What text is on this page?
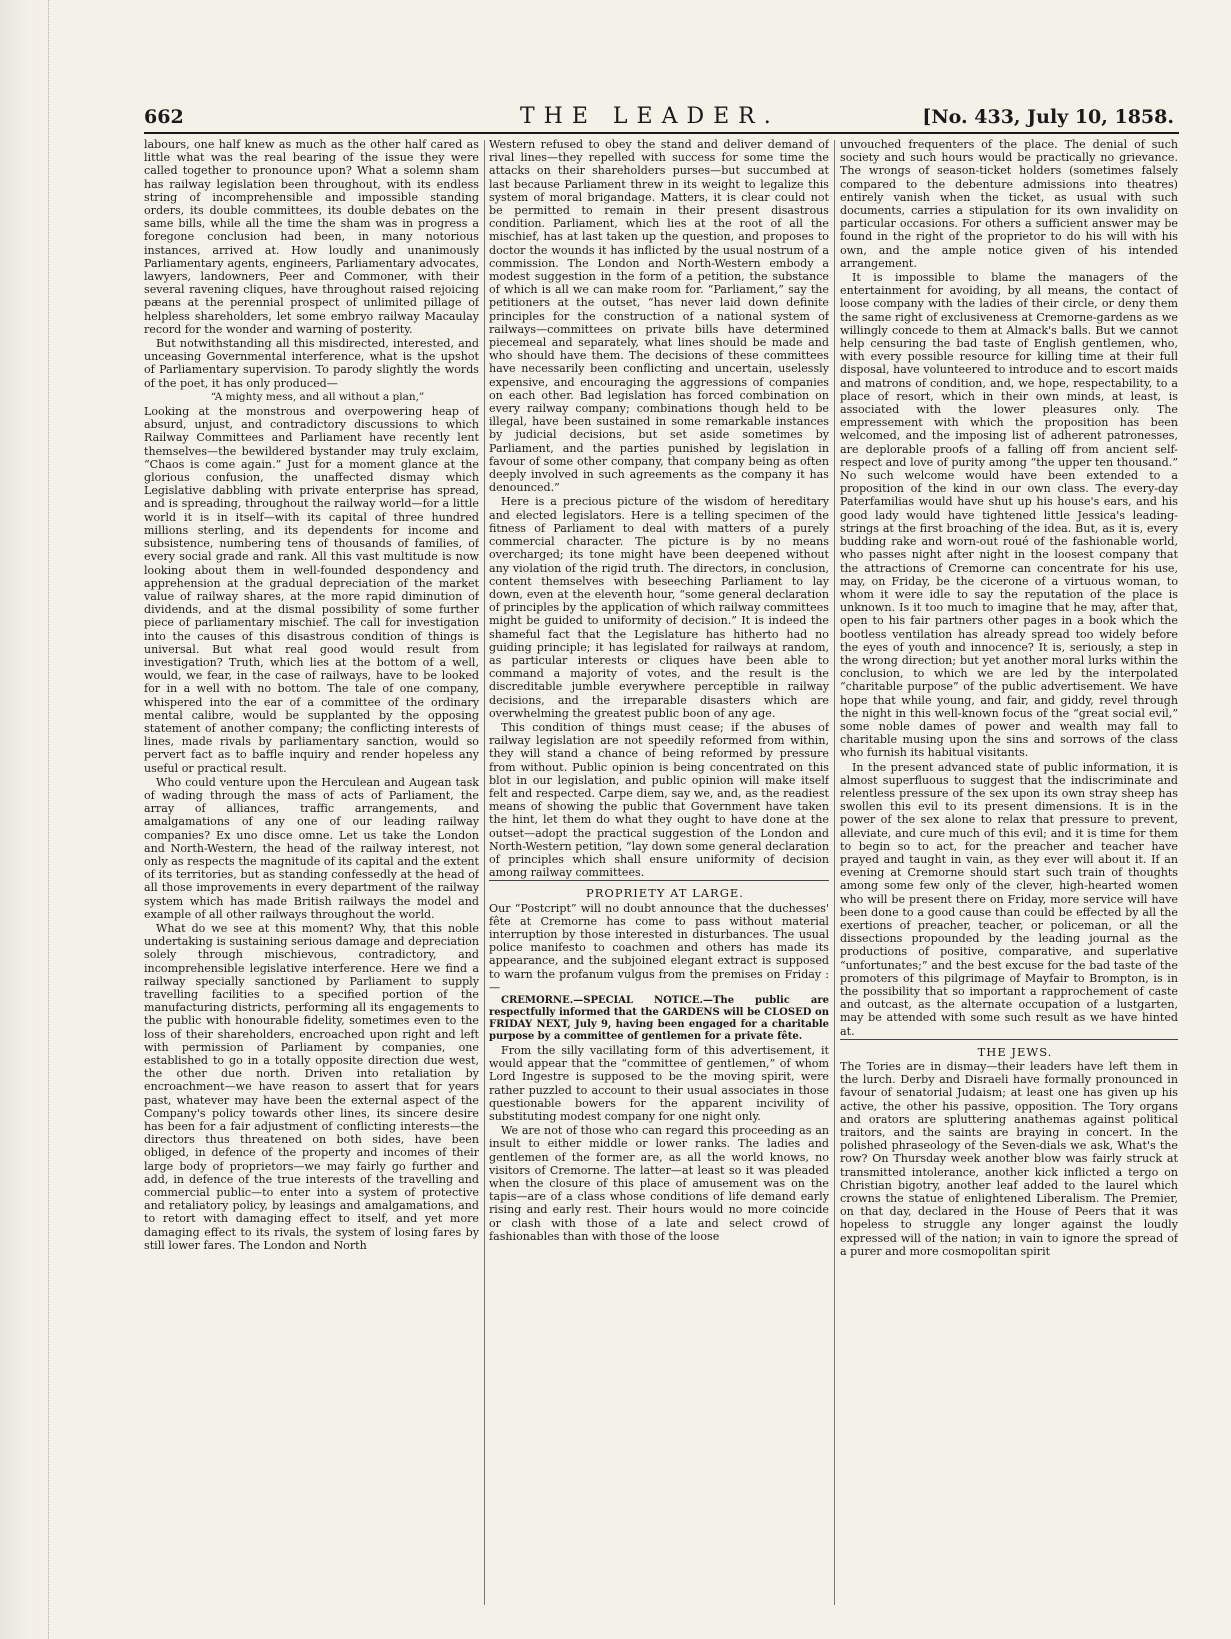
662	THE LEADER.	[No. 433, July 10, 1858.

labours, one half knew as much as the other half cared as little what was the real bearing of the issue they were called together to pronounce upon? What a solemn sham has railway legislation been throughout, with its endless string of incomprehensible and impossible standing orders, its double committees, its double debates on the same bills, while all the time the sham was in progress a foregone conclusion had been, in many notorious instances, arrived at. How loudly and unanimously Parliamentary agents, engineers, Parliamentary advocates, lawyers, landowners, Peer and Commoner, with their several ravening cliques, have throughout raised rejoicing pæans at the perennial prospect of unlimited pillage of helpless shareholders, let some embryo railway Macaulay record for the wonder and warning of posterity.

But notwithstanding all this misdirected, interested, and unceasing Governmental interference, what is the upshot of Parliamentary supervision. To parody slightly the words of the poet, it has only produced—

“A mighty mess, and all without a plan,”

Looking at the monstrous and overpowering heap of absurd, unjust, and contradictory discussions to which Railway Committees and Parliament have recently lent themselves—the bewildered bystander may truly exclaim, “Chaos is come again.” Just for a moment glance at the glorious confusion, the unaffected dismay which Legislative dabbling with private enterprise has spread, and is spreading, throughout the railway world—for a little world it is in itself—with its capital of three hundred millions sterling, and its dependents for income and subsistence, numbering tens of thousands of families, of every social grade and rank. All this vast multitude is now looking about them in well-founded despondency and apprehension at the gradual depreciation of the market value of railway shares, at the more rapid diminution of dividends, and at the dismal possibility of some further piece of parliamentary mischief. The call for investigation into the causes of this disastrous condition of things is universal. But what real good would result from investigation? Truth, which lies at the bottom of a well, would, we fear, in the case of railways, have to be looked for in a well with no bottom. The tale of one company, whispered into the ear of a committee of the ordinary mental calibre, would be supplanted by the opposing statement of another company; the conflicting interests of lines, made rivals by parliamentary sanction, would so pervert fact as to baffle inquiry and render hopeless any useful or practical result.

Who could venture upon the Herculean and Augean task of wading through the mass of acts of Parliament, the array of alliances, traffic arrangements, and amalgamations of any one of our leading railway companies? Ex uno disce omne. Let us take the London and North-Western, the head of the railway interest, not only as respects the magnitude of its capital and the extent of its territories, but as standing confessedly at the head of all those improvements in every department of the railway system which has made British railways the model and example of all other railways throughout the world.

What do we see at this moment? Why, that this noble undertaking is sustaining serious damage and depreciation solely through mischievous, contradictory, and incomprehensible legislative interference. Here we find a railway specially sanctioned by Parliament to supply travelling facilities to a specified portion of the manufacturing districts, performing all its engagements to the public with honourable fidelity, sometimes even to the loss of their shareholders, encroached upon right and left with permission of Parliament by companies, one established to go in a totally opposite direction due west, the other due north. Driven into retaliation by encroachment—we have reason to assert that for years past, whatever may have been the external aspect of the Company's policy towards other lines, its sincere desire has been for a fair adjustment of conflicting interests—the directors thus threatened on both sides, have been obliged, in defence of the property and incomes of their large body of proprietors—we may fairly go further and add, in defence of the true interests of the travelling and commercial public—to enter into a system of protective and retaliatory policy, by leasings and amalgamations, and to retort with damaging effect to itself, and yet more damaging effect to its rivals, the system of losing fares by still lower fares. The London and North

Western refused to obey the stand and deliver demand of rival lines—they repelled with success for some time the attacks on their shareholders purses—but succumbed at last because Parliament threw in its weight to legalize this system of moral brigandage. Matters, it is clear could not be permitted to remain in their present disastrous condition. Parliament, which lies at the root of all the mischief, has at last taken up the question, and proposes to doctor the wounds it has inflicted by the usual nostrum of a commission. The London and North-Western embody a modest suggestion in the form of a petition, the substance of which is all we can make room for. “Parliament,” say the petitioners at the outset, “has never laid down definite principles for the construction of a national system of railways—committees on private bills have determined piecemeal and separately, what lines should be made and who should have them. The decisions of these committees have necessarily been conflicting and uncertain, uselessly expensive, and encouraging the aggressions of companies on each other. Bad legislation has forced combination on every railway company; combinations though held to be illegal, have been sustained in some remarkable instances by judicial decisions, but set aside sometimes by Parliament, and the parties punished by legislation in favour of some other company, that company being as often deeply involved in such agreements as the company it has denounced.”

Here is a precious picture of the wisdom of hereditary and elected legislators. Here is a telling specimen of the fitness of Parliament to deal with matters of a purely commercial character. The picture is by no means overcharged; its tone might have been deepened without any violation of the rigid truth. The directors, in conclusion, content themselves with beseeching Parliament to lay down, even at the eleventh hour, “some general declaration of principles by the application of which railway committees might be guided to uniformity of decision.” It is indeed the shameful fact that the Legislature has hitherto had no guiding principle; it has legislated for railways at random, as particular interests or cliques have been able to command a majority of votes, and the result is the discreditable jumble everywhere perceptible in railway decisions, and the irreparable disasters which are overwhelming the greatest public boon of any age.

This condition of things must cease; if the abuses of railway legislation are not speedily reformed from within, they will stand a chance of being reformed by pressure from without. Public opinion is being concentrated on this blot in our legislation, and public opinion will make itself felt and respected. Carpe diem, say we, and, as the readiest means of showing the public that Government have taken the hint, let them do what they ought to have done at the outset—adopt the practical suggestion of the London and North-Western petition, “lay down some general declaration of principles which shall ensure uniformity of decision among railway committees.

PROPRIETY AT LARGE.

Our “Postcript” will no doubt announce that the duchesses' fête at Cremorne has come to pass without material interruption by those interested in disturbances. The usual police manifesto to coachmen and others has made its appearance, and the subjoined elegant extract is supposed to warn the profanum vulgus from the premises on Friday :—

CREMORNE.—SPECIAL NOTICE.—The public are respectfully informed that the GARDENS will be CLOSED on FRIDAY NEXT, July 9, having been engaged for a charitable purpose by a committee of gentlemen for a private fête.

From the silly vacillating form of this advertisement, it would appear that the “committee of gentlemen,” of whom Lord Ingestre is supposed to be the moving spirit, were rather puzzled to account to their usual associates in those questionable bowers for the apparent incivility of substituting modest company for one night only.

We are not of those who can regard this proceeding as an insult to either middle or lower ranks. The ladies and gentlemen of the former are, as all the world knows, no visitors of Cremorne. The latter—at least so it was pleaded when the closure of this place of amusement was on the tapis—are of a class whose conditions of life demand early rising and early rest. Their hours would no more coincide or clash with those of a late and select crowd of fashionables than with those of the loose

unvouched frequenters of the place. The denial of such society and such hours would be practically no grievance. The wrongs of season-ticket holders (sometimes falsely compared to the debenture admissions into theatres) entirely vanish when the ticket, as usual with such documents, carries a stipulation for its own invalidity on particular occasions. For others a sufficient answer may be found in the right of the proprietor to do his will with his own, and the ample notice given of his intended arrangement.

It is impossible to blame the managers of the entertainment for avoiding, by all means, the contact of loose company with the ladies of their circle, or deny them the same right of exclusiveness at Cremorne-gardens as we willingly concede to them at Almack's balls. But we cannot help censuring the bad taste of English gentlemen, who, with every possible resource for killing time at their full disposal, have volunteered to introduce and to escort maids and matrons of condition, and, we hope, respectability, to a place of resort, which in their own minds, at least, is associated with the lower pleasures only. The empressement with which the proposition has been welcomed, and the imposing list of adherent patronesses, are deplorable proofs of a falling off from ancient self-respect and love of purity among “the upper ten thousand.” No such welcome would have been extended to a proposition of the kind in our own class. The every-day Paterfamilias would have shut up his house's ears, and his good lady would have tightened little Jessica's leading-strings at the first broaching of the idea. But, as it is, every budding rake and worn-out roué of the fashionable world, who passes night after night in the loosest company that the attractions of Cremorne can concentrate for his use, may, on Friday, be the cicerone of a virtuous woman, to whom it were idle to say the reputation of the place is unknown. Is it too much to imagine that he may, after that, open to his fair partners other pages in a book which the bootless ventilation has already spread too widely before the eyes of youth and innocence? It is, seriously, a step in the wrong direction; but yet another moral lurks within the conclusion, to which we are led by the interpolated “charitable purpose” of the public advertisement. We have hope that while young, and fair, and giddy, revel through the night in this well-known focus of the “great social evil,” some noble dames of power and wealth may fall to charitable musing upon the sins and sorrows of the class who furnish its habitual visitants.

In the present advanced state of public information, it is almost superfluous to suggest that the indiscriminate and relentless pressure of the sex upon its own stray sheep has swollen this evil to its present dimensions. It is in the power of the sex alone to relax that pressure to prevent, alleviate, and cure much of this evil; and it is time for them to begin so to act, for the preacher and teacher have prayed and taught in vain, as they ever will about it. If an evening at Cremorne should start such train of thoughts among some few only of the clever, high-hearted women who will be present there on Friday, more service will have been done to a good cause than could be effected by all the exertions of preacher, teacher, or policeman, or all the dissections propounded by the leading journal as the productions of positive, comparative, and superlative “unfortunates;” and the best excuse for the bad taste of the promoters of this pilgrimage of Mayfair to Brompton, is in the possibility that so important a rapprochement of caste and outcast, as the alternate occupation of a lustgarten, may be attended with some such result as we have hinted at.

THE JEWS.

The Tories are in dismay—their leaders have left them in the lurch. Derby and Disraeli have formally pronounced in favour of senatorial Judaism; at least one has given up his active, the other his passive, opposition. The Tory organs and orators are spluttering anathemas against political traitors, and the saints are braying in concert. In the polished phraseology of the Seven-dials we ask, What's the row? On Thursday week another blow was fairly struck at transmitted intolerance, another kick inflicted a tergo on Christian bigotry, another leaf added to the laurel which crowns the statue of enlightened Liberalism. The Premier, on that day, declared in the House of Peers that it was hopeless to struggle any longer against the loudly expressed will of the nation; in vain to ignore the spread of a purer and more cosmopolitan spirit
